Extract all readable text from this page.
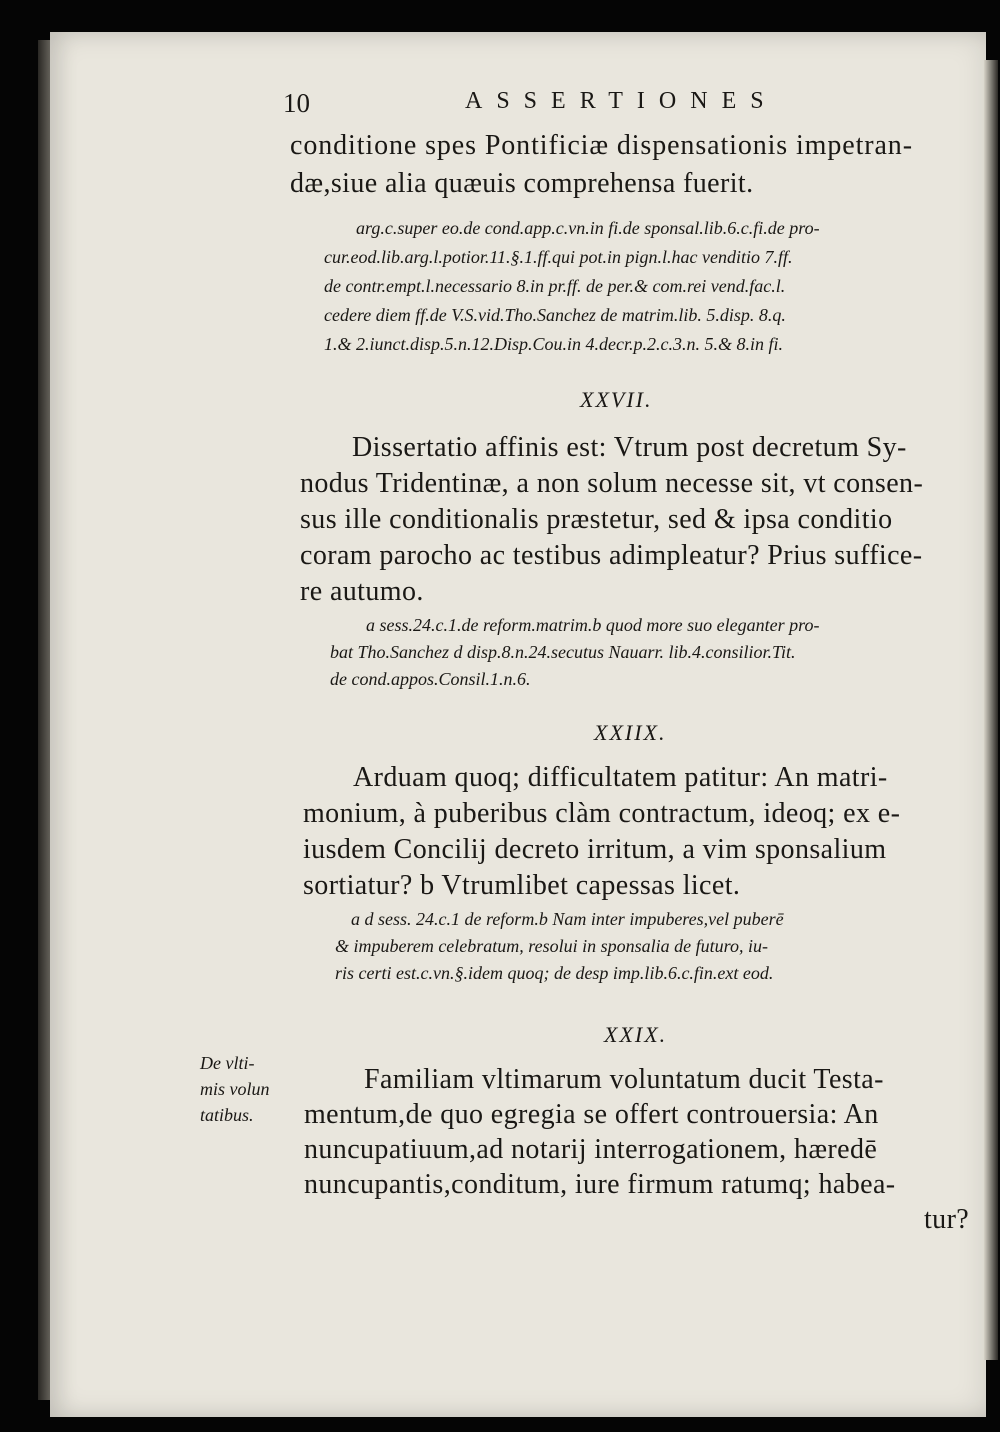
10	ASSERTIONES
conditione spes Pontificiæ dispensationis impetran-
dæ,siue alia quæuis comprehensa fuerit.
arg.c.super eo.de cond.app.c.vn.in fi.de sponsal.lib.6.c.fi.de pro-
cur.eod.lib.arg.l.potior.11.§.1.ff.qui pot.in pign.l.hac venditio 7.ff.
de contr.empt.l.necessario 8.in pr.ff. de per.& com.rei vend.fac.l.
cedere diem ff.de V.S.vid.Tho.Sanchez de matrim.lib. 5.disp. 8.q.
1.& 2.iunct.disp.5.n.12.Disp.Cou.in 4.decr.p.2.c.3.n. 5.& 8.in fi.
XXVII.
Dissertatio affinis est: Vtrum post decretum Sy-
nodus Tridentinæ, a non solum necesse sit, vt consen-
sus ille conditionalis præstetur, sed & ipsa conditio
coram parocho ac testibus adimpleatur? Prius suffice-
re autumo.
a sess.24.c.1.de reform.matrim.b quod more suo eleganter pro-
bat Tho.Sanchez d disp.8.n.24.secutus Nauarr. lib.4.consilior.Tit.
de cond.appos.Consil.1.n.6.
XXIIX.
Arduam quoq; difficultatem patitur: An matri-
monium, à puberibus clàm contractum, ideoq; ex e-
iusdem Concilij decreto irritum, a vim sponsalium
sortiatur? b Vtrumlibet capessas licet.
a d sess. 24.c.1 de reform.b Nam inter impuberes,vel puberē
& impuberem celebratum, resolui in sponsalia de futuro, iu-
ris certi est.c.vn.§.idem quoq; de desp imp.lib.6.c.fin.ext eod.
XXIX.
De vlti-
mis volun
tatibus.
Familiam vltimarum voluntatum ducit Testa-
mentum,de quo egregia se offert controuersia: An
nuncupatiuum,ad notarij interrogationem, hæredē
nuncupantis,conditum, iure firmum ratumq; habea-
tur?
